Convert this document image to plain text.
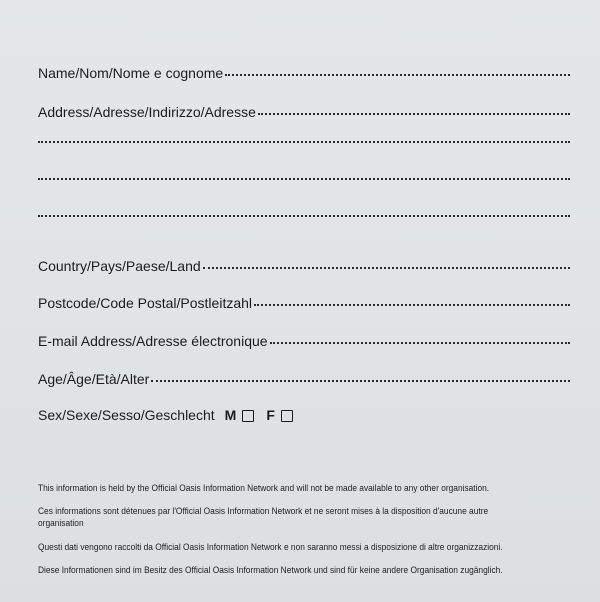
Name/Nom/Nome e cognome
Address/Adresse/Indirizzo/Adresse
Country/Pays/Paese/Land
Postcode/Code Postal/Postleitzahl
E-mail Address/Adresse électronique
Age/Âge/Età/Alter
Sex/Sexe/Sesso/Geschlecht M F
This information is held by the Official Oasis Information Network and will not be made available to any other organisation.
Ces informations sont détenues par l'Official Oasis Information Network et ne seront mises à la disposition d'aucune autre organisation
Questi dati vengono raccolti da Official Oasis Information Network e non saranno messi a disposizione di altre organizzazioni.
Diese Informationen sind im Besitz des Official Oasis Information Network und sind für keine andere Organisation zugänglich.
